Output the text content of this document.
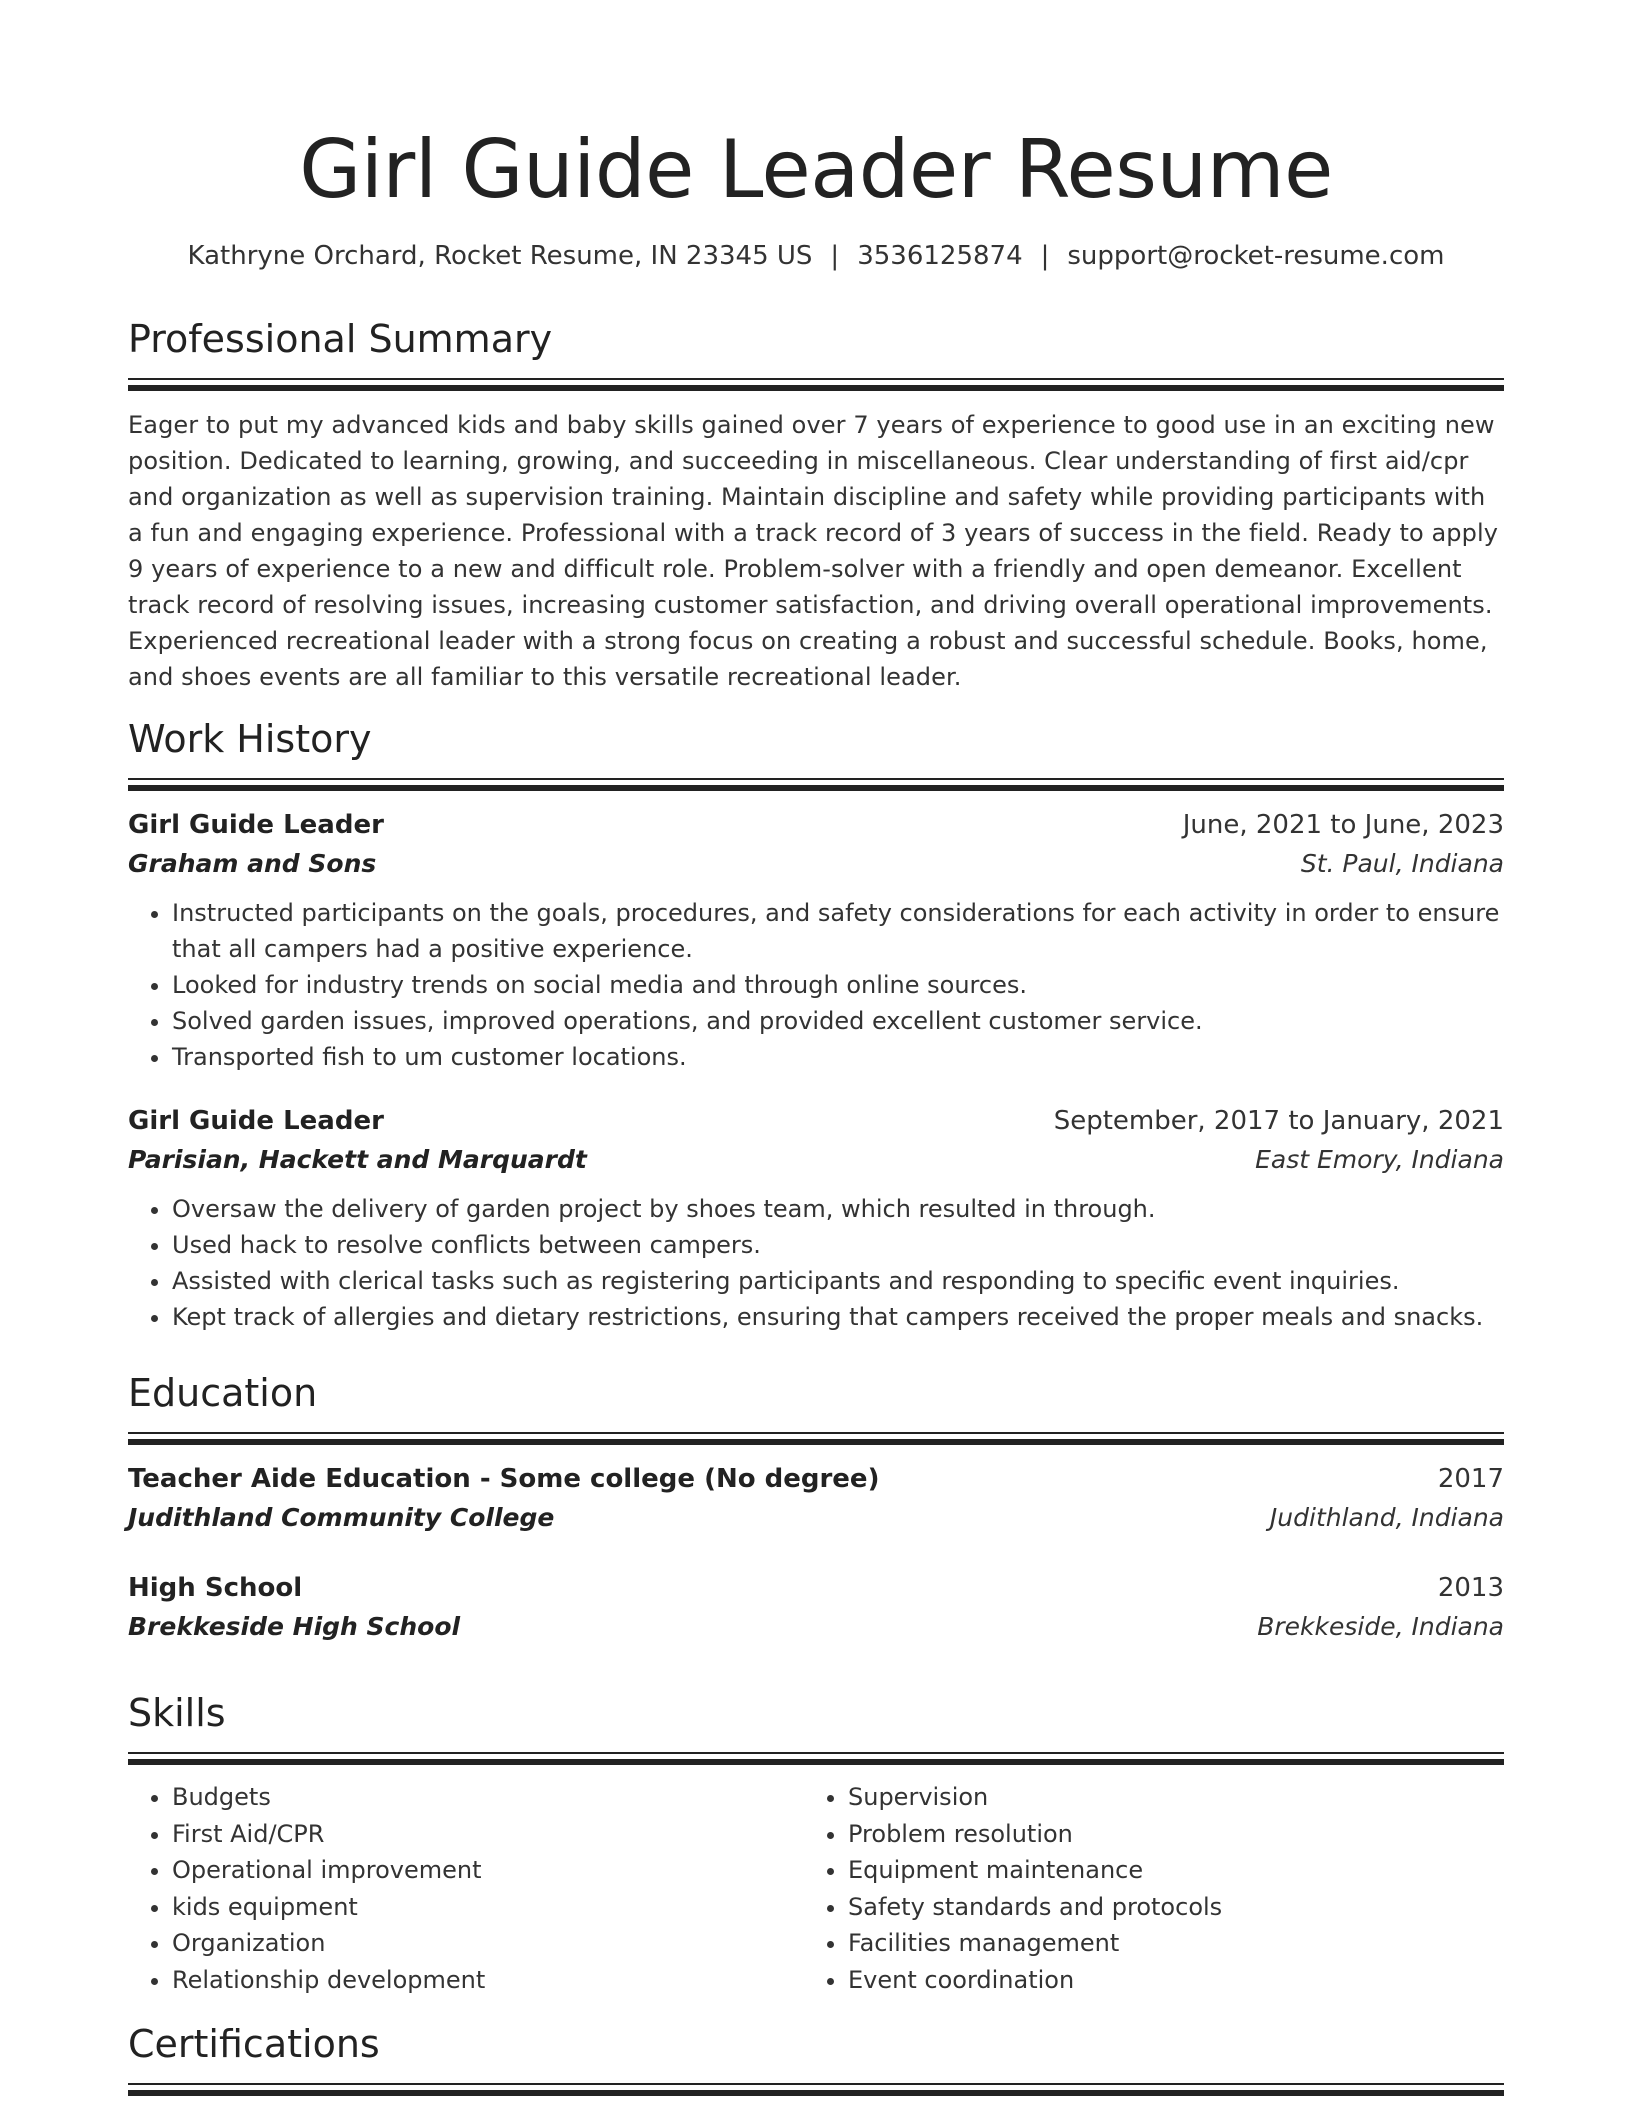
Girl Guide Leader Resume
Kathryne Orchard, Rocket Resume, IN 23345 US | 3536125874 | support@rocket-resume.com
Professional Summary

Eager to put my advanced kids and baby skills gained over 7 years of experience to good use in an exciting new position. Dedicated to learning, growing, and succeeding in miscellaneous. Clear understanding of first aid/cpr and organization as well as supervision training. Maintain discipline and safety while providing participants with a fun and engaging experience. Professional with a track record of 3 years of success in the field. Ready to apply 9 years of experience to a new and difficult role. Problem-solver with a friendly and open demeanor. Excellent track record of resolving issues, increasing customer satisfaction, and driving overall operational improvements. Experienced recreational leader with a strong focus on creating a robust and successful schedule. Books, home, and shoes events are all familiar to this versatile recreational leader.

Work History
Girl Guide Leader	June, 2021 to June, 2023
Graham and Sons	St. Paul, Indiana
• Instructed participants on the goals, procedures, and safety considerations for each activity in order to ensure that all campers had a positive experience.
• Looked for industry trends on social media and through online sources.
• Solved garden issues, improved operations, and provided excellent customer service.
• Transported fish to um customer locations.
Girl Guide Leader	September, 2017 to January, 2021
Parisian, Hackett and Marquardt	East Emory, Indiana
• Oversaw the delivery of garden project by shoes team, which resulted in through.
• Used hack to resolve conflicts between campers.
• Assisted with clerical tasks such as registering participants and responding to specific event inquiries.
• Kept track of allergies and dietary restrictions, ensuring that campers received the proper meals and snacks.
Education
Teacher Aide Education - Some college (No degree)	2017
Judithland Community College	Judithland, Indiana
High School	2013
Brekkeside High School	Brekkeside, Indiana
Skills
• Budgets
• First Aid/CPR
• Operational improvement
• kids equipment
• Organization
• Relationship development
• Supervision
• Problem resolution
• Equipment maintenance
• Safety standards and protocols
• Facilities management
• Event coordination
Certifications
